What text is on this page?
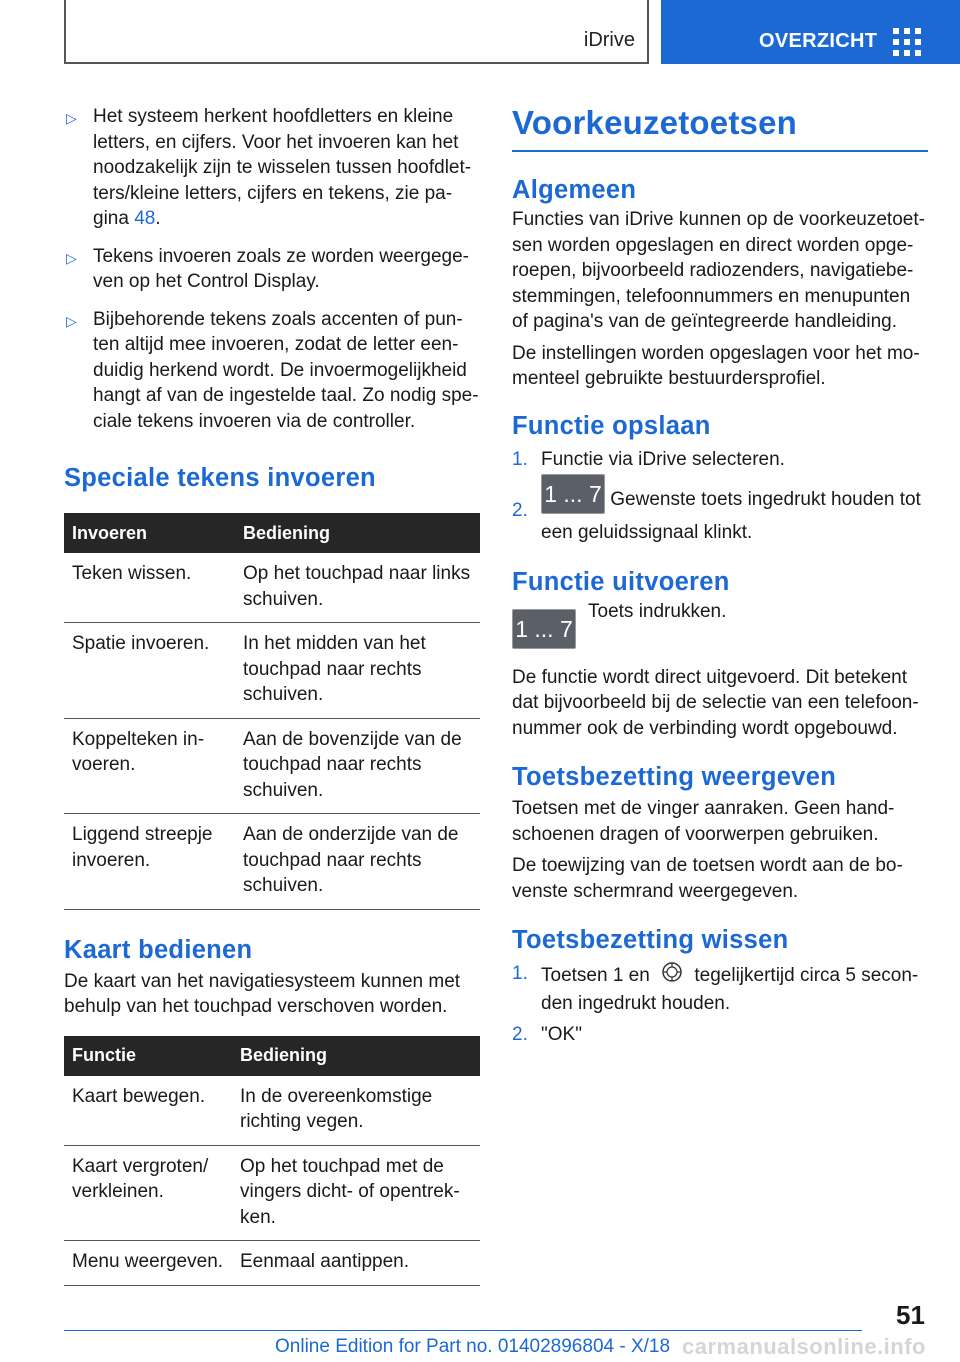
iDrive	OVERZICHT
▷ Het systeem herkent hoofdletters en kleine letters, en cijfers. Voor het invoeren kan het noodzakelijk zijn te wisselen tussen hoofdlet-ters/kleine letters, cijfers en tekens, zie pa-gina 48.
▷ Tekens invoeren zoals ze worden weergege-ven op het Control Display.
▷ Bijbehorende tekens zoals accenten of pun-ten altijd mee invoeren, zodat de letter een-duidig herkend wordt. De invoermogelijkheid hangt af van de ingestelde taal. Zo nodig spe-ciale tekens invoeren via de controller.
Speciale tekens invoeren
Invoeren	Bediening
Teken wissen.	Op het touchpad naar links schuiven.
Spatie invoeren.	In het midden van het touchpad naar rechts schuiven.
Koppelteken in-voeren.	Aan de bovenzijde van de touchpad naar rechts schuiven.
Liggend streepje invoeren.	Aan de onderzijde van de touchpad naar rechts schuiven.
Kaart bedienen

De kaart van het navigatiesysteem kunnen met behulp van het touchpad verschoven worden.

Functie	Bediening
Kaart bewegen.	In de overeenkomstige richting vegen.
Kaart vergroten/ verkleinen.	Op het touchpad met de vingers dicht- of opentrek-ken.
Menu weergeven.	Eenmaal aantippen.
Voorkeuzetoetsen
Algemeen

Functies van iDrive kunnen op de voorkeuzetoet-sen worden opgeslagen en direct worden opge-roepen, bijvoorbeeld radiozenders, navigatiebe-stemmingen, telefoonnummers en menupunten of pagina's van de geïntegreerde handleiding.

De instellingen worden opgeslagen voor het mo-menteel gebruikte bestuurdersprofiel.

Functie opslaan
1. Functie via iDrive selecteren.
2.
1 ... 7 Gewenste toets ingedrukt houden tot een geluidssignaal klinkt.
Functie uitvoeren
1 ... 7
Toets indrukken.

De functie wordt direct uitgevoerd. Dit betekent dat bijvoorbeeld bij de selectie van een telefoon-nummer ook de verbinding wordt opgebouwd.

Toetsbezetting weergeven

Toetsen met de vinger aanraken. Geen hand-schoenen dragen of voorwerpen gebruiken.

De toewijzing van de toetsen wordt aan de bo-venste schermrand weergegeven.

Toetsbezetting wissen
1. Toetsen 1 en tegelijkertijd circa 5 secon-den ingedrukt houden.
2. "OK"
51
Online Edition for Part no. 01402896804 - X/18 carmanualsonline.info
